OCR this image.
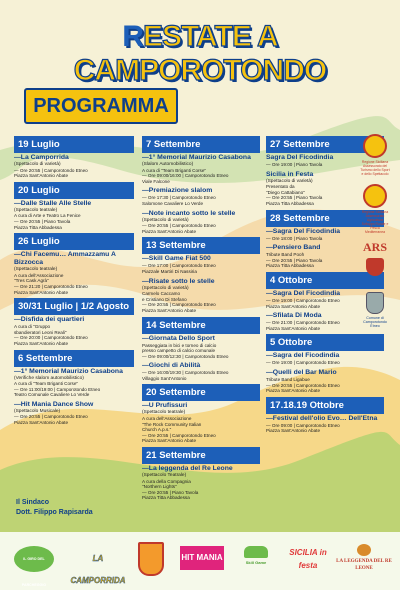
RESTATE A CAMPOROTONDO
PROGRAMMA
19 Luglio
—La Camporrida
(Spettacolo di varietà)
— Ore 20:55 | Camporotondo Etneo
Piazza Sant'Antonio Abate
20 Luglio
—Dalle Stalle Alle Stelle
(Spettacolo teatrale)
A cura di Arte e Teatro La Fenice
— Ore 20:55 | Piano Tavola
Piazza Titta Abbadessa
26 Luglio
—Chi Facemu… Ammazzamu A Bizzocca
(Spettacolo teatrale)
A cura dell'Associazione
"Tres Cask Agrà"
— Ore 21:20 | Camporotondo Etneo
Piazza Sant'Antonio Abate
30/31 Luglio | 1/2 Agosto
—Disfida dei quartieri
A cura di "Gruppo
sbandieratori Leoni Reali"
— Ore 20:00 | Camporotondo Etneo
Piazza Sant'Antonio Abate
6 Settembre
—1° Memorial Maurizio Casabona
(Verifiche slalom automobilistico)
A cura di "Team Briganti Corse"
— Ore 11:00/19:00 | Camporotondo Etneo
Teatro Comunale Cavaliere Lo Verde
—Hit Mania Dance Show
(Spettacolo Musicale)
— Ore 20:55 | Camporotondo Etneo
Piazza Sant'Antonio Abate
7 Settembre
—1° Memorial Maurizio Casabona
(Slalom Automobilistico)
A cura di "Team Briganti Corse"
— Ore 09:00/16:00 | Camporotondo Etneo
Viale Falcone
—Premiazione slalom
— Ore 17:30 | Camporotondo Etneo
Salomone Cavaliere Lo Verde
—Note incanto sotto le stelle
(Spettacolo di varietà)
— Ore 20:55 | Camporotondo Etneo
Piazza Sant'Antonio Abate
13 Settembre
—Skill Game Fiat 500
— Ore 17:00 | Camporotondo Etneo
Piazzale Martiri Di Nassiria
—Risate sotto le stelle
(Spettacolo di varietà)
Carmelo Caccamo
e Cristiano Di Stefano
— Ore 20:55 | Camporotondo Etneo
Piazza Sant'Antonio Abate
14 Settembre
—Giornata Dello Sport
Passeggiata in bici e torneo di calcio
presso campetto di calcio comunale
— Ore 09:00/12:30 | Camporotondo Etneo
—Giochi di Abilità
— Ore 16:00/19:30 | Camporotondo Etneo
Villaggio Sant'Antonio
20 Settembre
—U Prufissuri
(Spettacolo teatrale)
A cura dell'Associazione
"The Rock Community Italian
Church A.p.s."
— Ore 20:55 | Camporotondo Etneo
Piazza Sant'Antonio Abate
21 Settembre
—La leggenda del Re Leone
(Spettacolo Teatrale)
A cura della Compagnia
"Northern Lights"
— Ore 20:55 | Piano Tavola
Piazza Titta Abbadessa
27 Settembre
Sagra Del Ficodindia
— Ore 19:00 | Piano Tavola
Sicilia in Festa
(Spettacolo di varietà)
Presentato da
"Diego Cattabiano"
— Ore 20:55 | Piano Tavola
Piazza Titta Abbadessa
28 Settembre
—Sagra Del Ficodindia
— Ore 18:00 | Piano Tavola
—Pensiero Band
Tribute Band Pooh
— Ore 20:55 | Piano Tavola
Piazza Titta Abbadessa
4 Ottobre
—Sagra Del Ficodindia
— Ore 19:00 | Camporotondo Etneo
Piazza Sant'Antonio Abate
—Sfilata Di Moda
— Ore 21:00 | Camporotondo Etneo
Piazza Sant'Antonio Abate
5 Ottobre
—Sagra del Ficodindia
— Ore 19:00 | Camporotondo Etneo
—Quelli del Bar Mario
Tribute Band Ligabue
— Ore 20:55 | Camporotondo Etneo
Piazza Sant'Antonio Abate
17.18.19 Ottobre
—Festival dell'olio Evo… Dell'Etna
— Ore 09:00 | Camporotondo Etneo
Piazza Sant'Antonio Abate
Regione Siciliana Assessorato del Turismo dello Sport e dello Spettacolo
Regione Siciliana Assessorato Agricoltura Sviluppo Rurale e Pesca Mediterranea
ARS
Comune di Camporotondo Etneo
Il Sindaco
Dott. Filippo Rapisarda
IL GIRO DEL PARCHEGGIO
LA CAMPORRIDA
HIT MANIA
Skill Game
SICILIA in festa	LA LEGGENDA DEL RE LEONE
